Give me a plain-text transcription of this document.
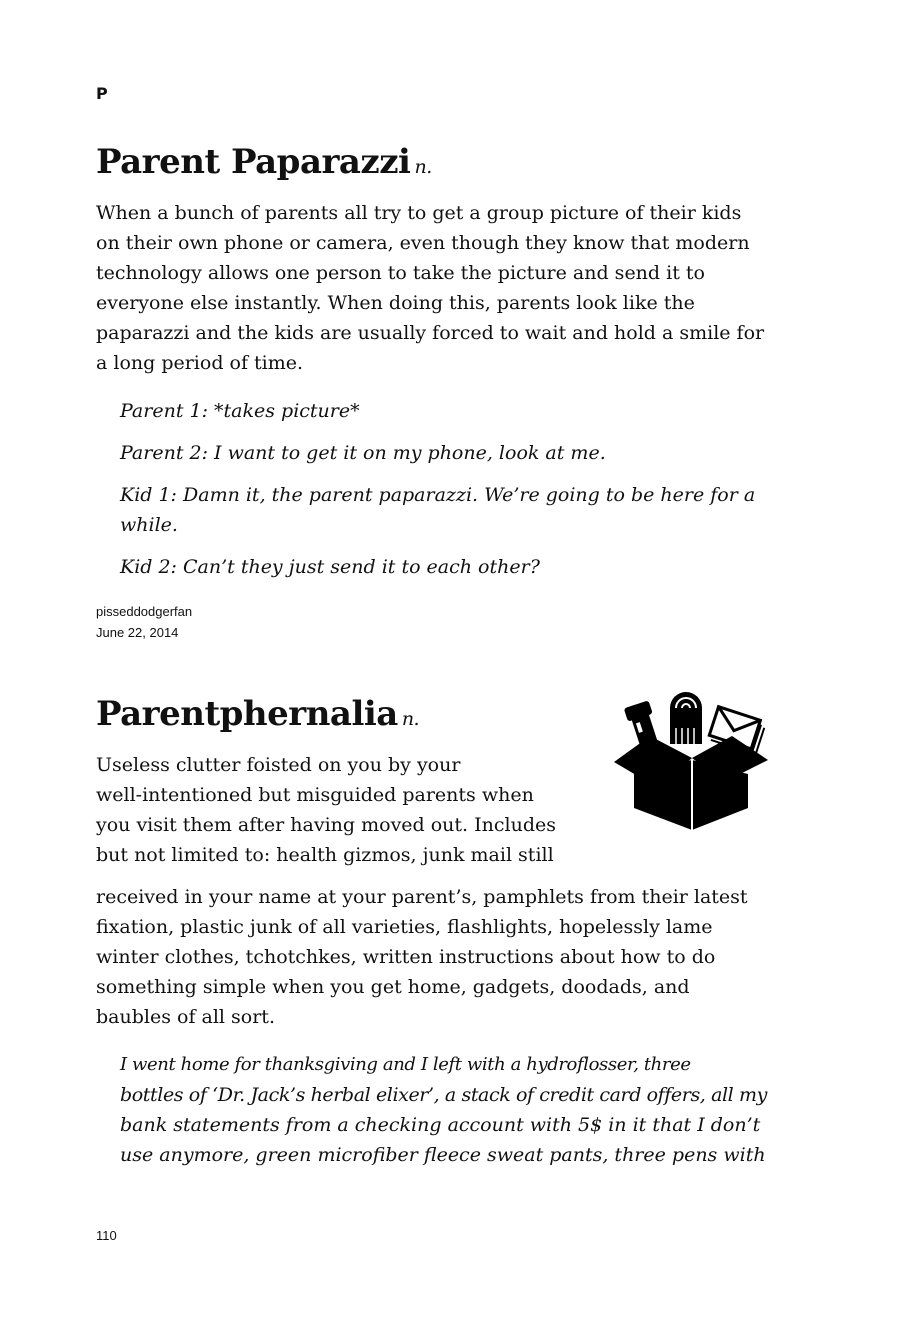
P

Parent Paparazzi n.
When a bunch of parents all try to get a group picture of their kids
on their own phone or camera, even though they know that modern
technology allows one person to take the picture and send it to
everyone else instantly. When doing this, parents look like the
paparazzi and the kids are usually forced to wait and hold a smile for
a long period of time.
Parent 1: *takes picture*
Parent 2: I want to get it on my phone, look at me.
Kid 1: Damn it, the parent paparazzi. We’re going to be here for a
while.
Kid 2: Can’t they just send it to each other?
pisseddodgerfan
June 22, 2014
Parentphernalia n.
Useless clutter foisted on you by your
well-intentioned but misguided parents when
you visit them after having moved out. Includes
but not limited to: health gizmos, junk mail still
received in your name at your parent’s, pamphlets from their latest
fixation, plastic junk of all varieties, flashlights, hopelessly lame
winter clothes, tchotchkes, written instructions about how to do
something simple when you get home, gadgets, doodads, and
baubles of all sort.
I went home for thanksgiving and I left with a hydroflosser, three
bottles of ‘Dr. Jack’s herbal elixer’, a stack of credit card offers, all my
bank statements from a checking account with 5$ in it that I don’t
use anymore, green microfiber fleece sweat pants, three pens with

110
